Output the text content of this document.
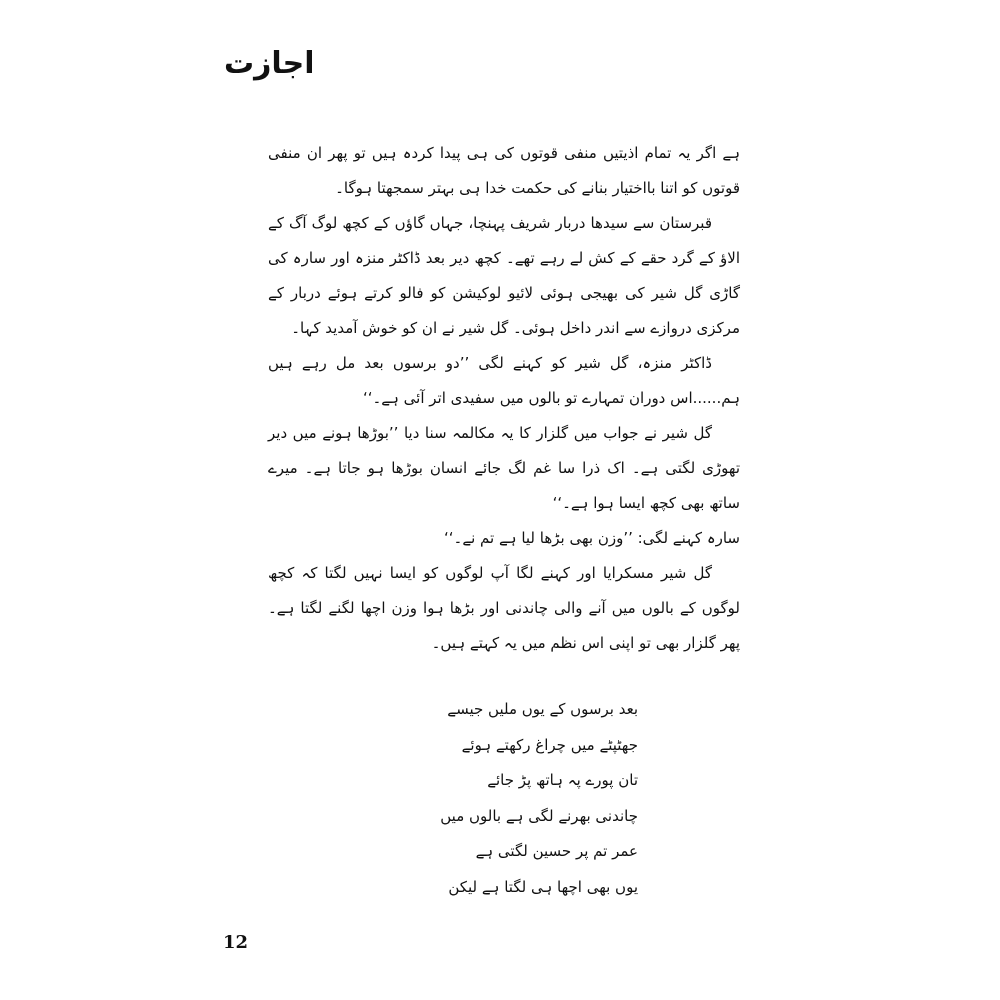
اجازت

ہے اگر یہ تمام اذیتیں منفی قوتوں کی ہی پیدا کردہ ہیں تو پھر ان منفی قوتوں کو اتنا بااختیار بنانے کی حکمت خدا ہی بہتر سمجھتا ہوگا۔

قبرستان سے سیدھا دربار شریف پہنچا، جہاں گاؤں کے کچھ لوگ آگ کے الاؤ کے گرد حقے کے کش لے رہے تھے۔ کچھ دیر بعد ڈاکٹر منزہ اور سارہ کی گاڑی گل شیر کی بھیجی ہوئی لائیو لوکیشن کو فالو کرتے ہوئے دربار کے مرکزی دروازے سے اندر داخل ہوئی۔ گل شیر نے ان کو خوش آمدید کہا۔

ڈاکٹر منزہ، گل شیر کو کہنے لگی ’’دو برسوں بعد مل رہے ہیں ہم......اس دوران تمہارے تو بالوں میں سفیدی اتر آئی ہے۔‘‘

گل شیر نے جواب میں گلزار کا یہ مکالمہ سنا دیا ’’بوڑھا ہونے میں دیر تھوڑی لگتی ہے۔ اک ذرا سا غم لگ جائے انسان بوڑھا ہو جاتا ہے۔ میرے ساتھ بھی کچھ ایسا ہوا ہے۔‘‘

سارہ کہنے لگی: ’’وزن بھی بڑھا لیا ہے تم نے۔‘‘

گل شیر مسکرایا اور کہنے لگا آپ لوگوں کو ایسا نہیں لگتا کہ کچھ لوگوں کے بالوں میں آنے والی چاندنی اور بڑھا ہوا وزن اچھا لگنے لگتا ہے۔ پھر گلزار بھی تو اپنی اس نظم میں یہ کہتے ہیں۔

بعد برسوں کے یوں ملیں جیسے
جھٹپٹے میں چراغ رکھتے ہوئے
تان پورے پہ ہاتھ پڑ جائے
چاندنی بھرنے لگی ہے بالوں میں
عمر تم پر حسین لگتی ہے
یوں بھی اچھا ہی لگتا ہے لیکن
12
